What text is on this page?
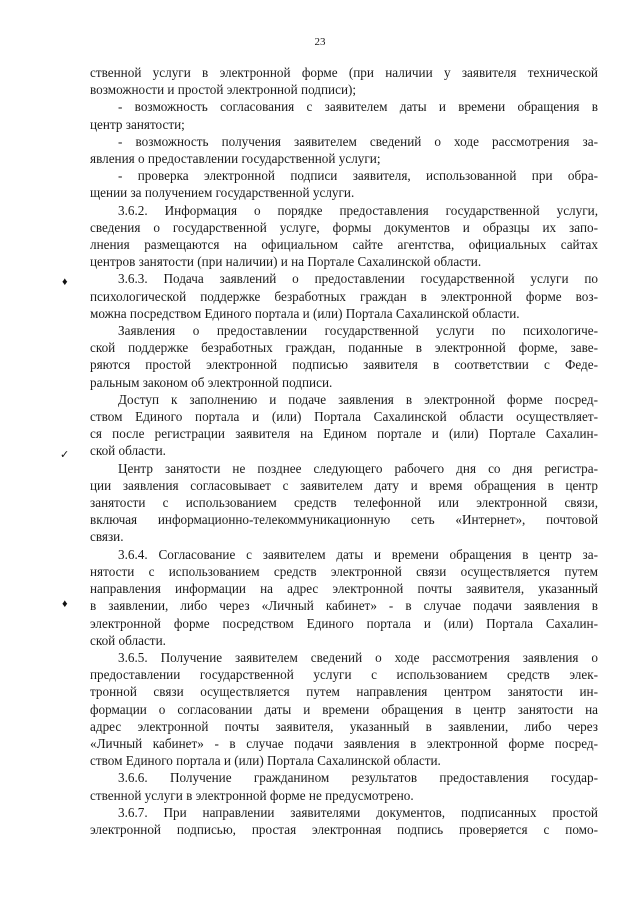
23
ственной услуги в электронной форме (при наличии у заявителя технической
возможности и простой электронной подписи);
- возможность согласования с заявителем даты и времени обращения в
центр занятости;
- возможность получения заявителем сведений о ходе рассмотрения за-
явления о предоставлении государственной услуги;
- проверка электронной подписи заявителя, использованной при обра-
щении за получением государственной услуги.
3.6.2. Информация о порядке предоставления государственной услуги,
сведения о государственной услуге, формы документов и образцы их запо-
лнения размещаются на официальном сайте агентства, официальных сайтах
центров занятости (при наличии) и на Портале Сахалинской области.
3.6.3. Подача заявлений о предоставлении государственной услуги по
психологической поддержке безработных граждан в электронной форме воз-
можна посредством Единого портала и (или) Портала Сахалинской области.
Заявления о предоставлении государственной услуги по психологиче-
ской поддержке безработных граждан, поданные в электронной форме, заве-
ряются простой электронной подписью заявителя в соответствии с Феде-
ральным законом об электронной подписи.
Доступ к заполнению и подаче заявления в электронной форме посред-
ством Единого портала и (или) Портала Сахалинской области осуществляет-
ся после регистрации заявителя на Едином портале и (или) Портале Сахалин-
ской области.
Центр занятости не позднее следующего рабочего дня со дня регистра-
ции заявления согласовывает с заявителем дату и время обращения в центр
занятости с использованием средств телефонной или электронной связи,
включая информационно-телекоммуникационную сеть «Интернет», почтовой
связи.
3.6.4. Согласование с заявителем даты и времени обращения в центр за-
нятости с использованием средств электронной связи осуществляется путем
направления информации на адрес электронной почты заявителя, указанный
в заявлении, либо через «Личный кабинет» - в случае подачи заявления в
электронной форме посредством Единого портала и (или) Портала Сахалин-
ской области.
3.6.5. Получение заявителем сведений о ходе рассмотрения заявления о
предоставлении государственной услуги с использованием средств элек-
тронной связи осуществляется путем направления центром занятости ин-
формации о согласовании даты и времени обращения в центр занятости на
адрес электронной почты заявителя, указанный в заявлении, либо через
«Личный кабинет» - в случае подачи заявления в электронной форме посред-
ством Единого портала и (или) Портала Сахалинской области.
3.6.6. Получение гражданином результатов предоставления государ-
ственной услуги в электронной форме не предусмотрено.
3.6.7. При направлении заявителями документов, подписанных простой
электронной подписью, простая электронная подпись проверяется с помо-
♦
✓
♦
